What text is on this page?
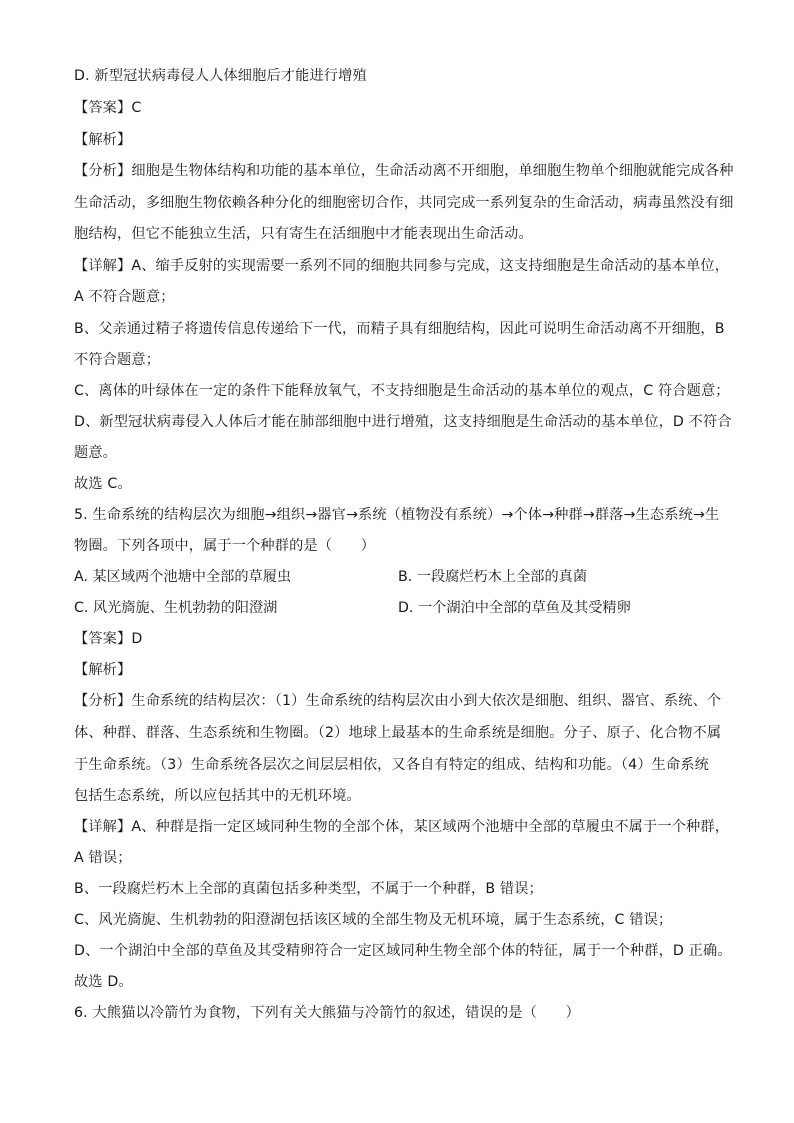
D. 新型冠状病毒侵人人体细胞后才能进行增殖
【答案】C
【解析】
【分析】细胞是生物体结构和功能的基本单位，生命活动离不开细胞，单细胞生物单个细胞就能完成各种
生命活动，多细胞生物依赖各种分化的细胞密切合作，共同完成一系列复杂的生命活动，病毒虽然没有细
胞结构，但它不能独立生活，只有寄生在活细胞中才能表现出生命活动。
【详解】A、缩手反射的实现需要一系列不同的细胞共同参与完成，这支持细胞是生命活动的基本单位，
A 不符合题意；
B、父亲通过精子将遗传信息传递给下一代，而精子具有细胞结构，因此可说明生命活动离不开细胞，B
不符合题意；
C、离体的叶绿体在一定的条件下能释放氧气，不支持细胞是生命活动的基本单位的观点，C 符合题意；
D、新型冠状病毒侵入人体后才能在肺部细胞中进行增殖，这支持细胞是生命活动的基本单位，D 不符合
题意。
故选 C。
5. 生命系统的结构层次为细胞→组织→器官→系统（植物没有系统）→个体→种群→群落→生态系统→生
物圈。下列各项中，属于一个种群的是（　　）
A. 某区域两个池塘中全部的草履虫	B. 一段腐烂朽木上全部的真菌
C. 风光旖旎、生机勃勃的阳澄湖	D. 一个湖泊中全部的草鱼及其受精卵
【答案】D
【解析】
【分析】生命系统的结构层次：（1）生命系统的结构层次由小到大依次是细胞、组织、器官、系统、个
体、种群、群落、生态系统和生物圈。（2）地球上最基本的生命系统是细胞。分子、原子、化合物不属
于生命系统。（3）生命系统各层次之间层层相依，又各自有特定的组成、结构和功能。（4）生命系统
包括生态系统，所以应包括其中的无机环境。
【详解】A、种群是指一定区域同种生物的全部个体，某区域两个池塘中全部的草履虫不属于一个种群，
A 错误；
B、一段腐烂朽木上全部的真菌包括多种类型，不属于一个种群，B 错误；
C、风光旖旎、生机勃勃的阳澄湖包括该区域的全部生物及无机环境，属于生态系统，C 错误；
D、一个湖泊中全部的草鱼及其受精卵符合一定区域同种生物全部个体的特征，属于一个种群，D 正确。
故选 D。
6. 大熊猫以冷箭竹为食物，下列有关大熊猫与冷箭竹的叙述，错误的是（　　）
